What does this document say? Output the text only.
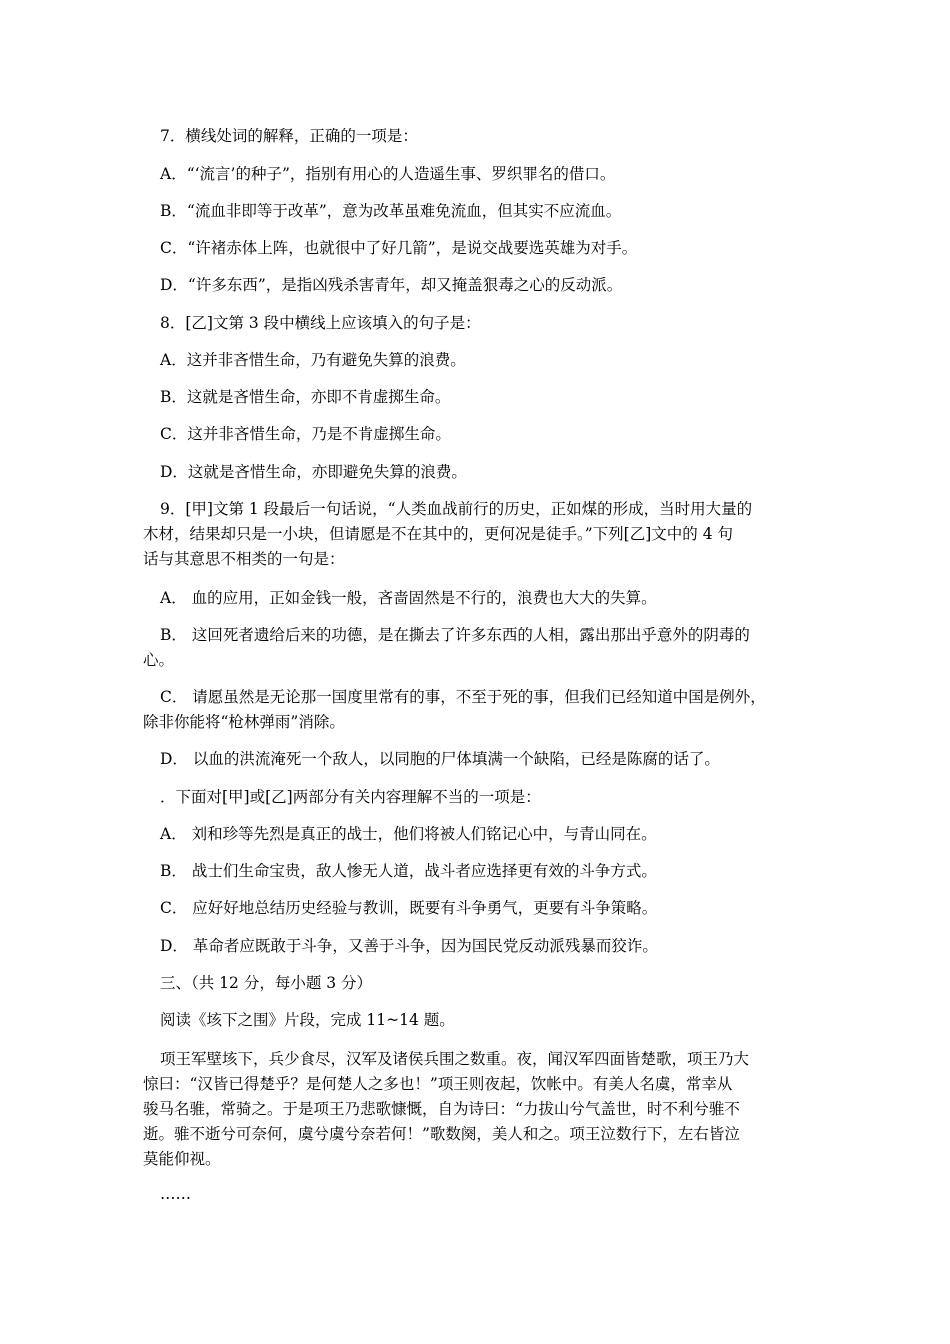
7．横线处词的解释，正确的一项是：
A．“‘流言’的种子”，指别有用心的人造遥生事、罗织罪名的借口。
B．“流血非即等于改革”，意为改革虽难免流血，但其实不应流血。
C．“许褚赤体上阵，也就很中了好几箭”，是说交战要选英雄为对手。
D．“许多东西”，是指凶残杀害青年，却又掩盖狠毒之心的反动派。
8．[乙]文第 3 段中横线上应该填入的句子是：
A．这并非吝惜生命，乃有避免失算的浪费。
B．这就是吝惜生命，亦即不肯虚掷生命。
C．这并非吝惜生命，乃是不肯虚掷生命。
D．这就是吝惜生命，亦即避免失算的浪费。
9．[甲]文第 1 段最后一句话说，“人类血战前行的历史，正如煤的形成，当时用大量的
木材，结果却只是一小块，但请愿是不在其中的，更何况是徒手。”下列[乙]文中的 4 句
话与其意思不相类的一句是：
A． 血的应用，正如金钱一般，吝啬固然是不行的，浪费也大大的失算。
B． 这回死者遗给后来的功德，是在撕去了许多东西的人相，露出那出乎意外的阴毒的
心。
C． 请愿虽然是无论那一国度里常有的事，不至于死的事，但我们已经知道中国是例外，
除非你能将“枪林弹雨”消除。
D． 以血的洪流淹死一个敌人，以同胞的尸体填满一个缺陷，已经是陈腐的话了。
．下面对[甲]或[乙]两部分有关内容理解不当的一项是：
A． 刘和珍等先烈是真正的战士，他们将被人们铭记心中，与青山同在。
B． 战士们生命宝贵，敌人惨无人道，战斗者应选择更有效的斗争方式。
C． 应好好地总结历史经验与教训，既要有斗争勇气，更要有斗争策略。
D． 革命者应既敢于斗争，又善于斗争，因为国民党反动派残暴而狡诈。
三、（共 12 分，每小题 3 分）
阅读《垓下之围》片段，完成 11~14 题。
项王军壁垓下，兵少食尽，汉军及诸侯兵围之数重。夜，闻汉军四面皆楚歌，项王乃大
惊曰：“汉皆已得楚乎？是何楚人之多也！”项王则夜起，饮帐中。有美人名虞，常幸从
骏马名骓，常骑之。于是项王乃悲歌慷慨，自为诗曰：“力拔山兮气盖世，时不利兮骓不
逝。骓不逝兮可奈何，虞兮虞兮奈若何！”歌数阕，美人和之。项王泣数行下，左右皆泣
莫能仰视。
……
